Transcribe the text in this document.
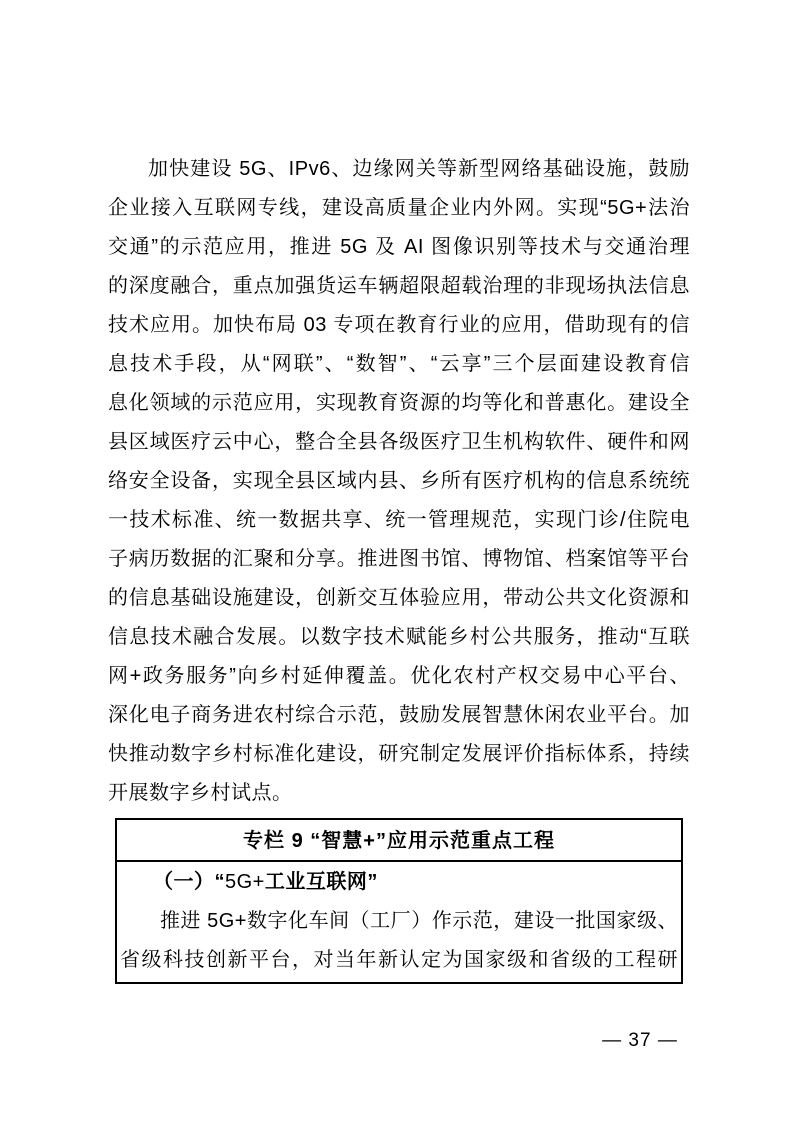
加快建设 5G、IPv6、边缘网关等新型网络基础设施，鼓励
企业接入互联网专线，建设高质量企业内外网。实现“5G+法治
交通”的示范应用，推进 5G 及 AI 图像识别等技术与交通治理
的深度融合，重点加强货运车辆超限超载治理的非现场执法信息
技术应用。加快布局 03 专项在教育行业的应用，借助现有的信
息技术手段，从“网联”、“数智”、“云享”三个层面建设教育信
息化领域的示范应用，实现教育资源的均等化和普惠化。建设全
县区域医疗云中心，整合全县各级医疗卫生机构软件、硬件和网
络安全设备，实现全县区域内县、乡所有医疗机构的信息系统统
一技术标准、统一数据共享、统一管理规范，实现门诊/住院电
子病历数据的汇聚和分享。推进图书馆、博物馆、档案馆等平台
的信息基础设施建设，创新交互体验应用，带动公共文化资源和
信息技术融合发展。以数字技术赋能乡村公共服务，推动“互联
网+政务服务”向乡村延伸覆盖。优化农村产权交易中心平台、
深化电子商务进农村综合示范，鼓励发展智慧休闲农业平台。加
快推动数字乡村标准化建设，研究制定发展评价指标体系，持续
开展数字乡村试点。
专栏 9 “智慧+”应用示范重点工程
（一）“5G+工业互联网”
推进 5G+数字化车间（工厂）作示范，建设一批国家级、
省级科技创新平台，对当年新认定为国家级和省级的工程研
— 37 —
